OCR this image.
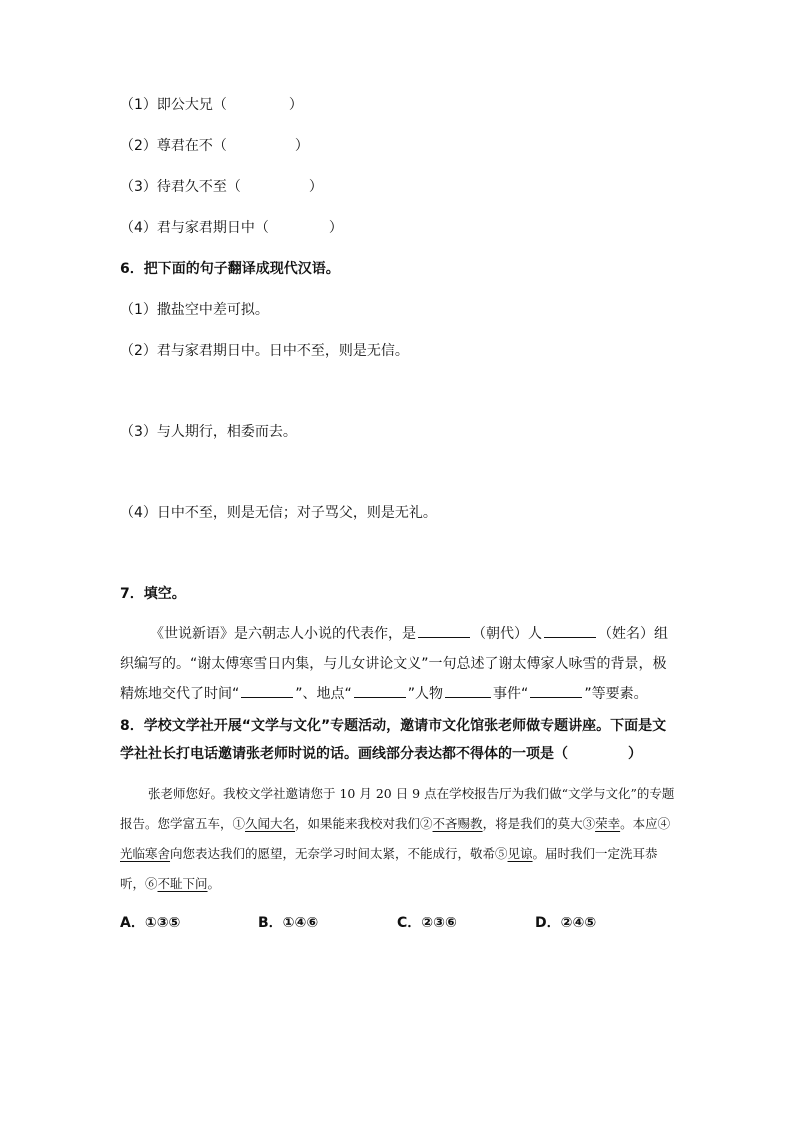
（1）即公大兄（	）
（2）尊君在不（	）
（3）待君久不至（	）
（4）君与家君期日中（	）
6．把下面的句子翻译成现代汉语。
（1）撒盐空中差可拟。
（2）君与家君期日中。日中不至，则是无信。
（3）与人期行，相委而去。
（4）日中不至，则是无信；对子骂父，则是无礼。
7．填空。
《世说新语》是六朝志人小说的代表作，是	（朝代）人	（姓名）组织编写的。“谢太傅寒雪日内集，与儿女讲论文义”一句总述了谢太傅家人咏雪的背景，极精炼地交代了时间“	”、地点“	”人物	事件“	”等要素。
8．学校文学社开展“文学与文化”专题活动，邀请市文化馆张老师做专题讲座。下面是文学社社长打电话邀请张老师时说的话。画线部分表达都不得体的一项是（	）
张老师您好。我校文学社邀请您于 10 月 20 日 9 点在学校报告厅为我们做“文学与文化”的专题报告。您学富五车，①久闻大名，如果能来我校对我们②不吝赐教，将是我们的莫大③荣幸。本应④光临寒舍向您表达我们的愿望，无奈学习时间太紧，不能成行，敬希⑤见谅。届时我们一定洗耳恭听，⑥不耻下问。
A．①③⑤	B．①④⑥	C．②③⑥	D．②④⑤
